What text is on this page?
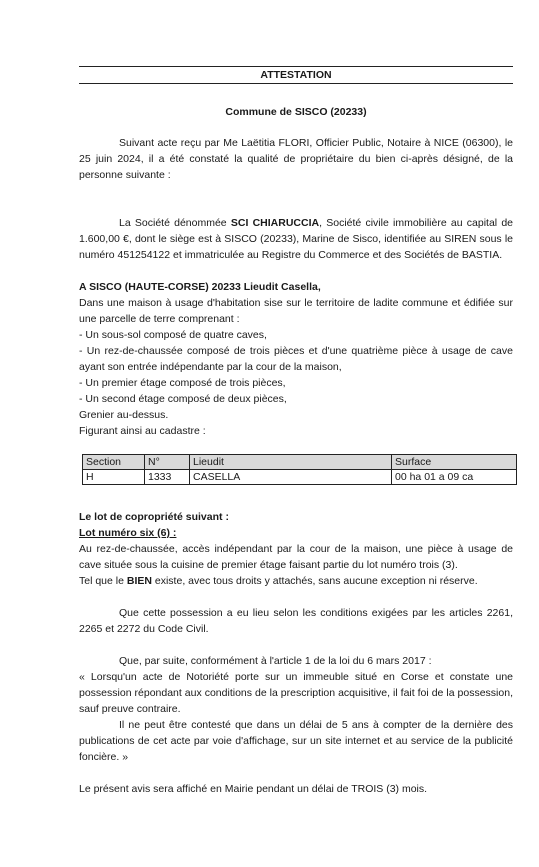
ATTESTATION
Commune de SISCO (20233)

Suivant acte reçu par Me Laëtitia FLORI, Officier Public, Notaire à NICE (06300), le 25 juin 2024, il a été constaté la qualité de propriétaire du bien ci-après désigné, de la personne suivante :

La Société dénommée SCI CHIARUCCIA, Société civile immobilière au capital de 1.600,00 €, dont le siège est à SISCO (20233), Marine de Sisco, identifiée au SIREN sous le numéro 451254122 et immatriculée au Registre du Commerce et des Sociétés de BASTIA.

A SISCO (HAUTE-CORSE) 20233 Lieudit Casella,

Dans une maison à usage d'habitation sise sur le territoire de ladite commune et édifiée sur une parcelle de terre comprenant :

- Un sous-sol composé de quatre caves,

- Un rez-de-chaussée composé de trois pièces et d'une quatrième pièce à usage de cave ayant son entrée indépendante par la cour de la maison,

- Un premier étage composé de trois pièces,

- Un second étage composé de deux pièces,

Grenier au-dessus.

Figurant ainsi au cadastre :

Section	N°	Lieudit	Surface
H	1333	CASELLA	00 ha 01 a 09 ca

Le lot de copropriété suivant :

Lot numéro six (6) :

Au rez-de-chaussée, accès indépendant par la cour de la maison, une pièce à usage de cave située sous la cuisine de premier étage faisant partie du lot numéro trois (3).

Tel que le BIEN existe, avec tous droits y attachés, sans aucune exception ni réserve.

Que cette possession a eu lieu selon les conditions exigées par les articles 2261, 2265 et 2272 du Code Civil.

Que, par suite, conformément à l'article 1 de la loi du 6 mars 2017 :

« Lorsqu'un acte de Notoriété porte sur un immeuble situé en Corse et constate une possession répondant aux conditions de la prescription acquisitive, il fait foi de la possession, sauf preuve contraire.

Il ne peut être contesté que dans un délai de 5 ans à compter de la dernière des publications de cet acte par voie d'affichage, sur un site internet et au service de la publicité foncière. »

Le présent avis sera affiché en Mairie pendant un délai de TROIS (3) mois.
